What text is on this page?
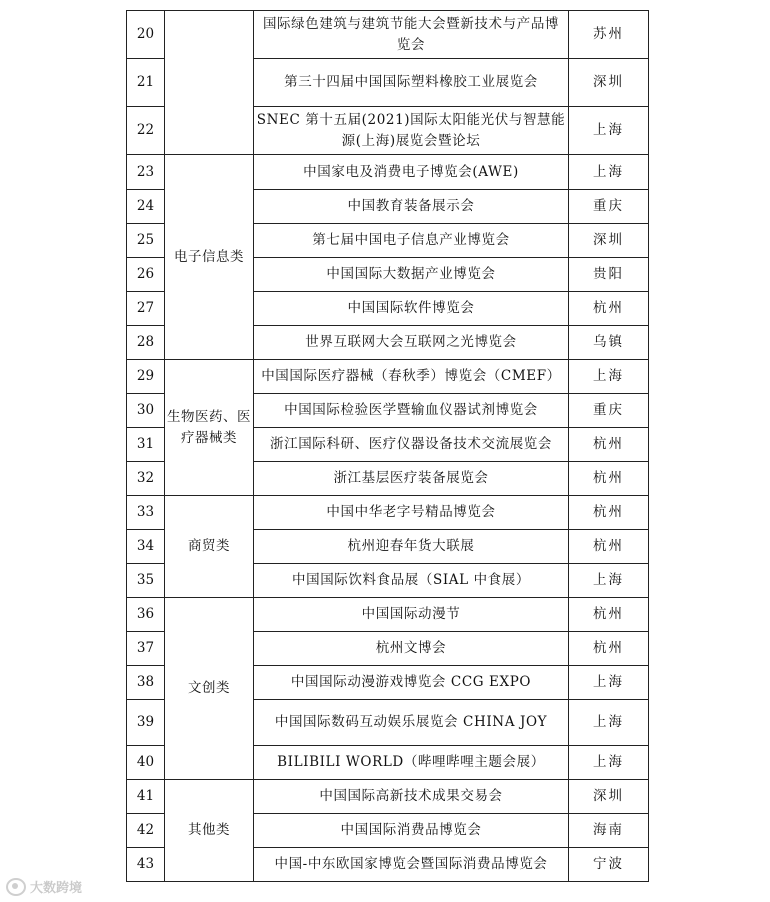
20		国际绿色建筑与建筑节能大会暨新技术与产品博览会	苏州
21		第三十四届中国国际塑料橡胶工业展览会	深圳
22		SNEC 第十五届(2021)国际太阳能光伏与智慧能源(上海)展览会暨论坛	上海
23	电子信息类	中国家电及消费电子博览会(AWE)	上海
24		中国教育装备展示会	重庆
25		第七届中国电子信息产业博览会	深圳
26		中国国际大数据产业博览会	贵阳
27		中国国际软件博览会	杭州
28		世界互联网大会互联网之光博览会	乌镇
29	生物医药、医疗器械类	中国国际医疗器械（春秋季）博览会（CMEF）	上海
30		中国国际检验医学暨输血仪器试剂博览会	重庆
31		浙江国际科研、医疗仪器设备技术交流展览会	杭州
32		浙江基层医疗装备展览会	杭州
33	商贸类	中国中华老字号精品博览会	杭州
34		杭州迎春年货大联展	杭州
35		中国国际饮料食品展（SIAL 中食展）	上海
36	文创类	中国国际动漫节	杭州
37		杭州文博会	杭州
38		中国国际动漫游戏博览会 CCG EXPO	上海
39		中国国际数码互动娱乐展览会 CHINA JOY	上海
40		BILIBILI WORLD（哔哩哔哩主题会展）	上海
41	其他类	中国国际高新技术成果交易会	深圳
42		中国国际消费品博览会	海南
43		中国-中东欧国家博览会暨国际消费品博览会	宁波
大数跨境
